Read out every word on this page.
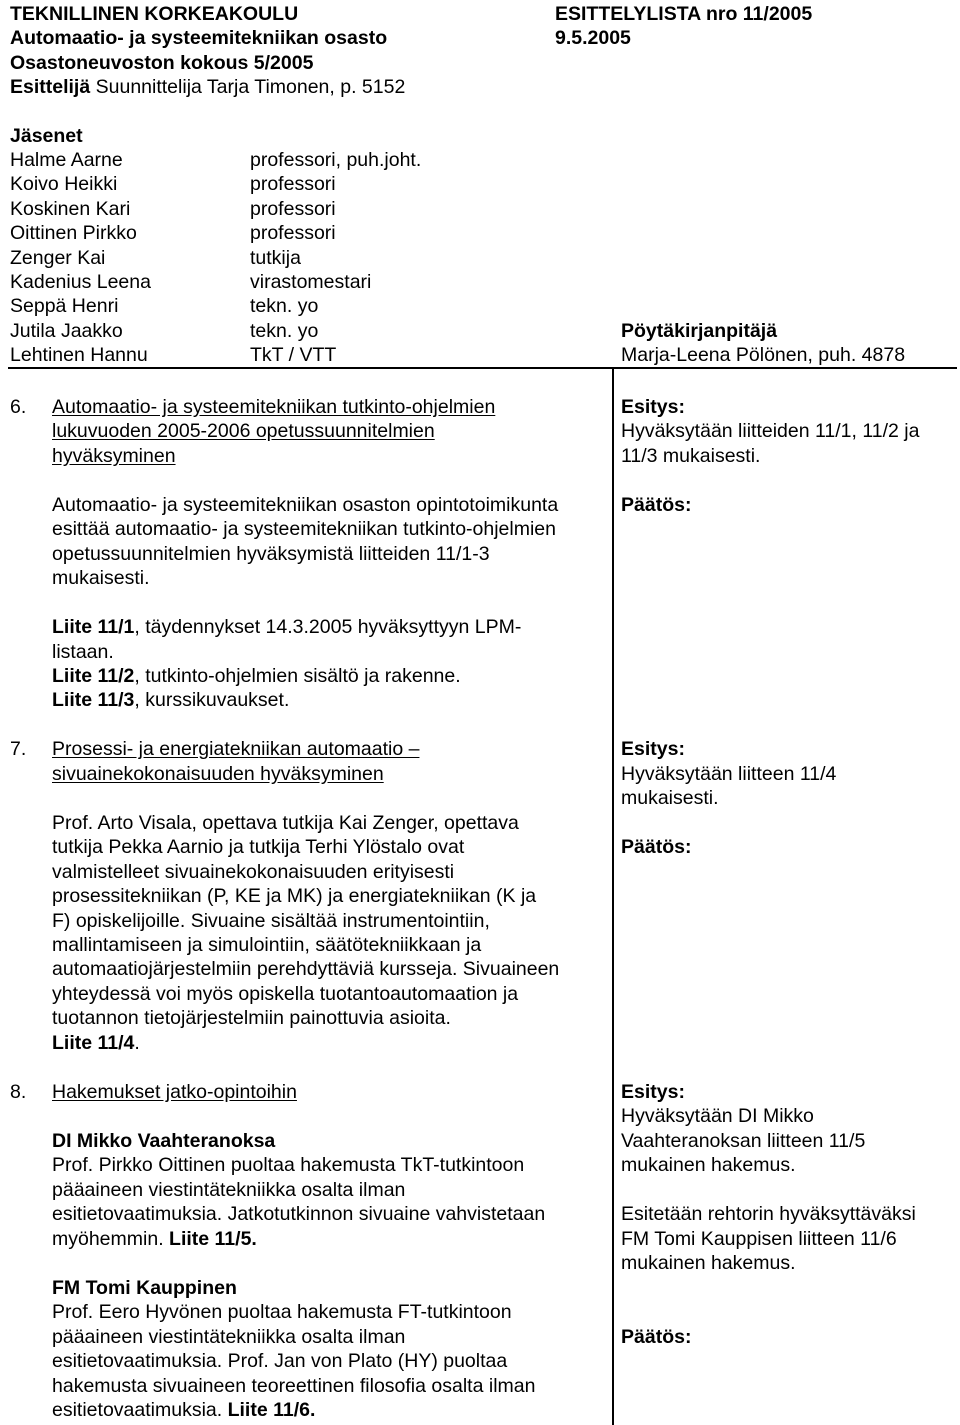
TEKNILLINEN KORKEAKOULU
Automaatio- ja systeemitekniikan osasto
Osastoneuvoston kokous 5/2005
Esittelijä Suunnittelija Tarja Timonen, p. 5152
ESITTELYLISTA nro 11/2005
9.5.2005
Jäsenet
Halme Aarne	professori, puh.joht.
Koivo Heikki	professori
Koskinen Kari	professori
Oittinen Pirkko	professori
Zenger Kai	tutkija
Kadenius Leena	virastomestari
Seppä Henri	tekn. yo
Jutila Jaakko	tekn. yo
Lehtinen Hannu	TkT / VTT
Pöytäkirjanpitäjä
Marja-Leena Pölönen, puh. 4878
6. Automaatio- ja systeemitekniikan tutkinto-ohjelmien
lukuvuoden 2005-2006 opetussuunnitelmien
hyväksyminen
Automaatio- ja systeemitekniikan osaston opintotoimikunta
esittää automaatio- ja systeemitekniikan tutkinto-ohjelmien
opetussuunnitelmien hyväksymistä liitteiden 11/1-3
mukaisesti.
Liite 11/1, täydennykset 14.3.2005 hyväksyttyyn LPM-
listaan.
Liite 11/2, tutkinto-ohjelmien sisältö ja rakenne.
Liite 11/3, kurssikuvaukset.
Esitys:
Hyväksytään liitteiden 11/1, 11/2 ja
11/3 mukaisesti.
Päätös:
7. Prosessi- ja energiatekniikan automaatio –
sivuainekokonaisuuden hyväksyminen
Prof. Arto Visala, opettava tutkija Kai Zenger, opettava
tutkija Pekka Aarnio ja tutkija Terhi Ylöstalo ovat
valmistelleet sivuainekokonaisuuden erityisesti
prosessitekniikan (P, KE ja MK) ja energiatekniikan (K ja
F) opiskelijoille. Sivuaine sisältää instrumentointiin,
mallintamiseen ja simulointiin, säätötekniikkaan ja
automaatiojärjestelmiin perehdyttäviä kursseja. Sivuaineen
yhteydessä voi myös opiskella tuotantoautomaation ja
tuotannon tietojärjestelmiin painottuvia asioita.
Liite 11/4.
Esitys:
Hyväksytään liitteen 11/4
mukaisesti.
Päätös:
8. Hakemukset jatko-opintoihin
DI Mikko Vaahteranoksa
Prof. Pirkko Oittinen puoltaa hakemusta TkT-tutkintoon
pääaineen viestintätekniikka osalta ilman
esitietovaatimuksia. Jatkotutkinnon sivuaine vahvistetaan
myöhemmin. Liite 11/5.
FM Tomi Kauppinen
Prof. Eero Hyvönen puoltaa hakemusta FT-tutkintoon
pääaineen viestintätekniikka osalta ilman
esitietovaatimuksia. Prof. Jan von Plato (HY) puoltaa
hakemusta sivuaineen teoreettinen filosofia osalta ilman
esitietovaatimuksia. Liite 11/6.
Esitys:
Hyväksytään DI Mikko
Vaahteranoksan liitteen 11/5
mukainen hakemus.
Esitetään rehtorin hyväksyttäväksi
FM Tomi Kauppisen liitteen 11/6
mukainen hakemus.
Päätös:
